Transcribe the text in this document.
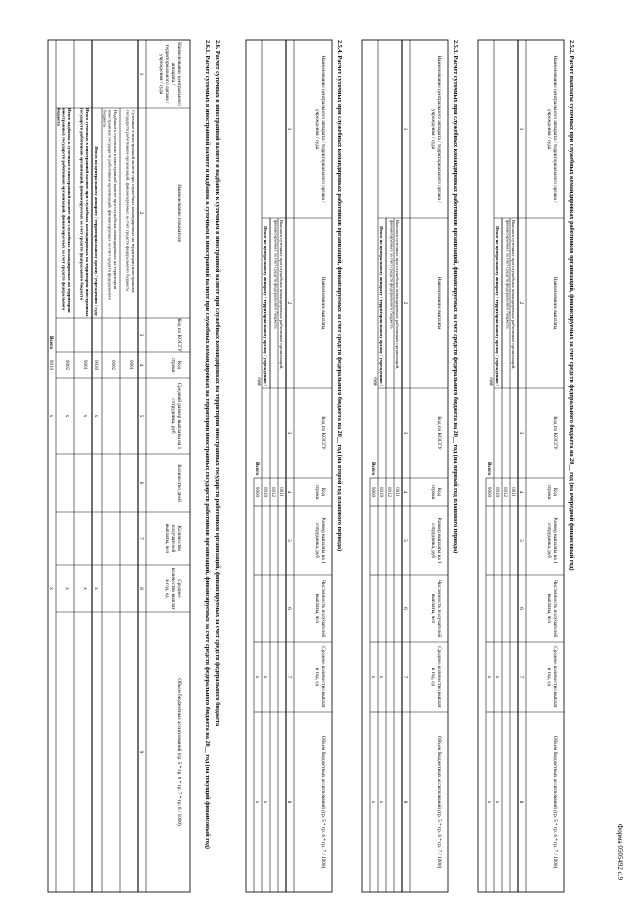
Форма 0505492 с.9
2.5.2. Расчет выплаты суточных при служебных командировках работников организаций, финансируемых за счет средств федерального бюджета на 20__ год (на очередной финансовый год)
Наименование центрального аппарата / территориального органа /учреждения / суда
Наименование выплаты
Код по КОСГУ
Кодстроки
Размер выплаты на 1сотрудника, руб
Численность получателейвыплаты, чел
Среднее количество выплатв год, ед
Объем бюджетных ассигнований (гр. 5 * гр. 6 * гр. 7 / 1000)
1
2
3
4
5
6
7
8
Выплата суточных при служебных командировках работников организаций,финансируемых за счет средств федерального бюджета
Итого по центральному аппарату / территориальному органу / учреждению /суду
0011
0012
0019
х
х
Всего
9000
х
х
2.5.3. Расчет суточных при служебных командировках работников организаций, финансируемых за счет средств федерального бюджета на 20__ год (на первый год планового периода)
Наименование центрального аппарата / территориального органа /учреждения / суда
Наименование выплаты
Код по КОСГУ
Кодстроки
Размер выплаты на 1сотрудника, руб
Численность получателейвыплаты, чел
Среднее количество выплатв год, ед
Объем бюджетных ассигнований (гр. 5 * гр. 6 * гр. 7 / 1000)
1
2
3
4
5
6
7
8
Выплата суточных при служебных командировках работников организаций,финансируемых за счет средств федерального бюджета
Итого по центральному аппарату / территориальному органу / учреждению /суду
0011
0012
0019
х
х
Всего
9000
х
х
2.5.4. Расчет суточных при служебных командировках работников организаций, финансируемых за счет средств федерального бюджета на 20__ год (на второй год планового периода)
Наименование центрального аппарата / территориального органа /учреждения / суда
Наименование выплаты
Код по КОСГУ
Кодстроки
Размер выплаты на 1сотрудника, руб
Численность получателейвыплаты, чел
Среднее количество выплатв год, ед
Объем бюджетных ассигнований (гр. 5 * гр. 6 * гр. 7 / 1000)
1
2
3
4
5
6
7
8
Выплата суточных при служебных командировках работников организаций,финансируемых за счет средств федерального бюджета
Итого по центральному аппарату / территориальному органу / учреждению /суду
0011
0012
0019
х
х
Всего
9000
х
х
2.6. Расчет суточных в иностранной валюте и надбавок к суточным в иностранной валюте при служебных командировках на территории иностранных государств работников организаций, финансируемых за счет средств федерального бюджета
2.6.1. Расчет суточных в иностранной валюте и надбавок к суточным в иностранной валюте при служебных командировках на территории иностранных государств работников организаций, финансируемых за счет средств федерального бюджета на 20__ год (на текущий финансовый год)
Наименование центральногоаппарата /территориального органа /учреждения / суда
Наименование показателя
Код по КОСГУ
Кодстроки
Средний размер выплаты на 1сотрудника, руб
Количество дней
Количествополучателейвыплаты, чел
Среднееколичество выплатв год, ед
Объем бюджетных ассигнований (гр. 5 * гр. 6 * гр. 7 * гр. 8 / 1000)
1
2
3
4
5
6
7
8
9
Суточные в иностранной валюте при служебных командировках на территории иностранныхгосударств работников организаций, финансируемых за счет средств федерального бюджета
0001
Надбавки к суточным в иностранной валюте при служебных командировках на территориииностранных государств работников организаций, финансируемых за счет средств федеральногобюджета
0002
Итого по центральному аппарату / территориальному органу / учреждению / суду
0030
х
х
Итого суточных в иностранной валюте при служебных командировках на территории иностранныхгосударств работников организаций, финансируемых за счет средств федерального бюджета
9001
х
х
Итого надбавок к суточным в иностранной валюте при служебных командировках на территориииностранных государств работников организаций, финансируемых за счет средств федеральногобюджета
9002
х
х
Всего
9010
х
х
